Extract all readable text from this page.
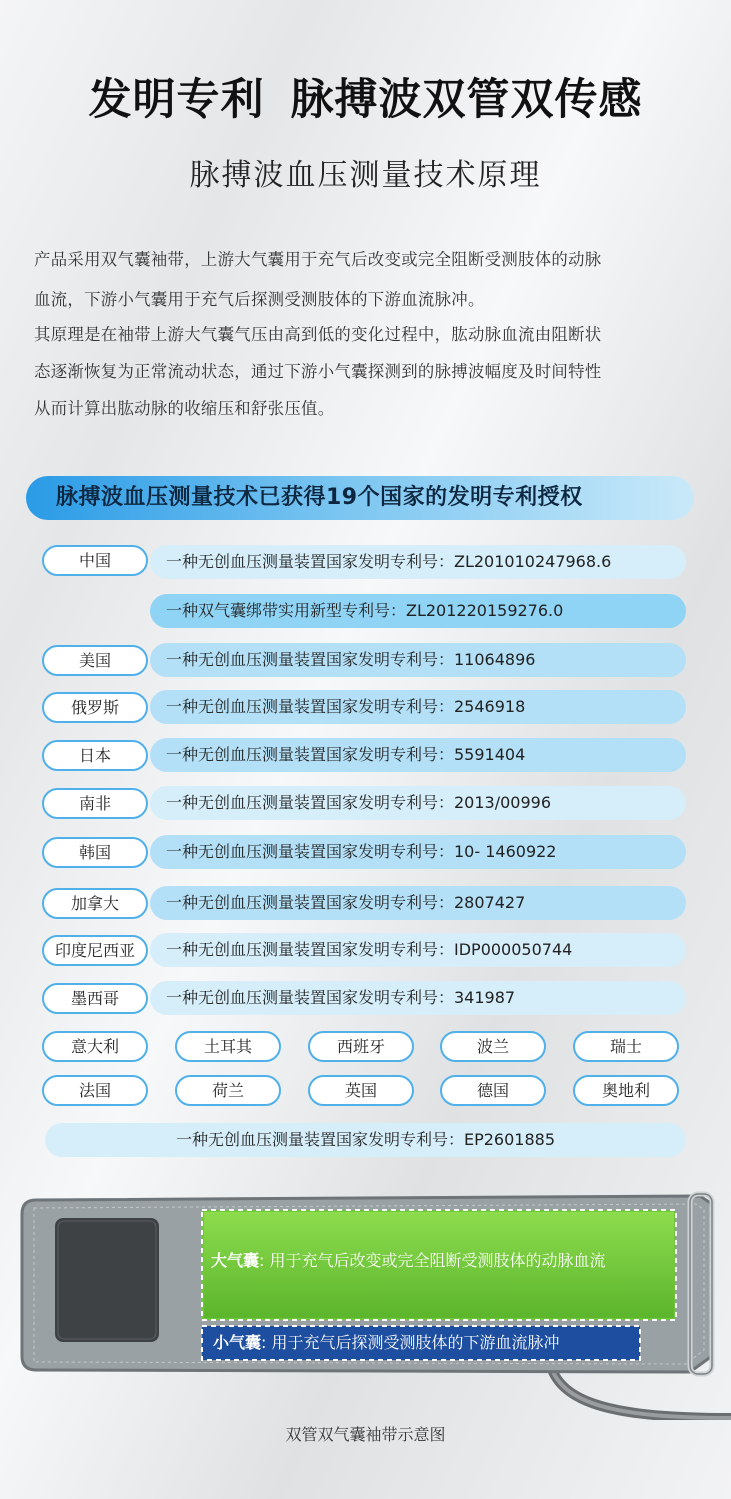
发明专利 脉搏波双管双传感
脉搏波血压测量技术原理
产品采用双气囊袖带，上游大气囊用于充气后改变或完全阻断受测肢体的动脉
血流，下游小气囊用于充气后探测受测肢体的下游血流脉冲。
其原理是在袖带上游大气囊气压由高到低的变化过程中，肱动脉血流由阻断状
态逐渐恢复为正常流动状态，通过下游小气囊探测到的脉搏波幅度及时间特性
从而计算出肱动脉的收缩压和舒张压值。
脉搏波血压测量技术已获得19个国家的发明专利授权
中国	一种无创血压测量装置国家发明专利号：ZL201010247968.6
一种双气囊绑带实用新型专利号：ZL201220159276.0
美国	一种无创血压测量装置国家发明专利号：11064896
俄罗斯	一种无创血压测量装置国家发明专利号：2546918
日本	一种无创血压测量装置国家发明专利号：5591404
南非	一种无创血压测量装置国家发明专利号：2013/00996
韩国	一种无创血压测量装置国家发明专利号：10- 1460922
加拿大	一种无创血压测量装置国家发明专利号：2807427
印度尼西亚	一种无创血压测量装置国家发明专利号：IDP000050744
墨西哥	一种无创血压测量装置国家发明专利号：341987
意大利	土耳其	西班牙	波兰	瑞士
法国	荷兰	英国	德国	奥地利
一种无创血压测量装置国家发明专利号：EP2601885
大气囊: 用于充气后改变或完全阻断受测肢体的动脉血流
小气囊: 用于充气后探测受测肢体的下游血流脉冲
双管双气囊袖带示意图
